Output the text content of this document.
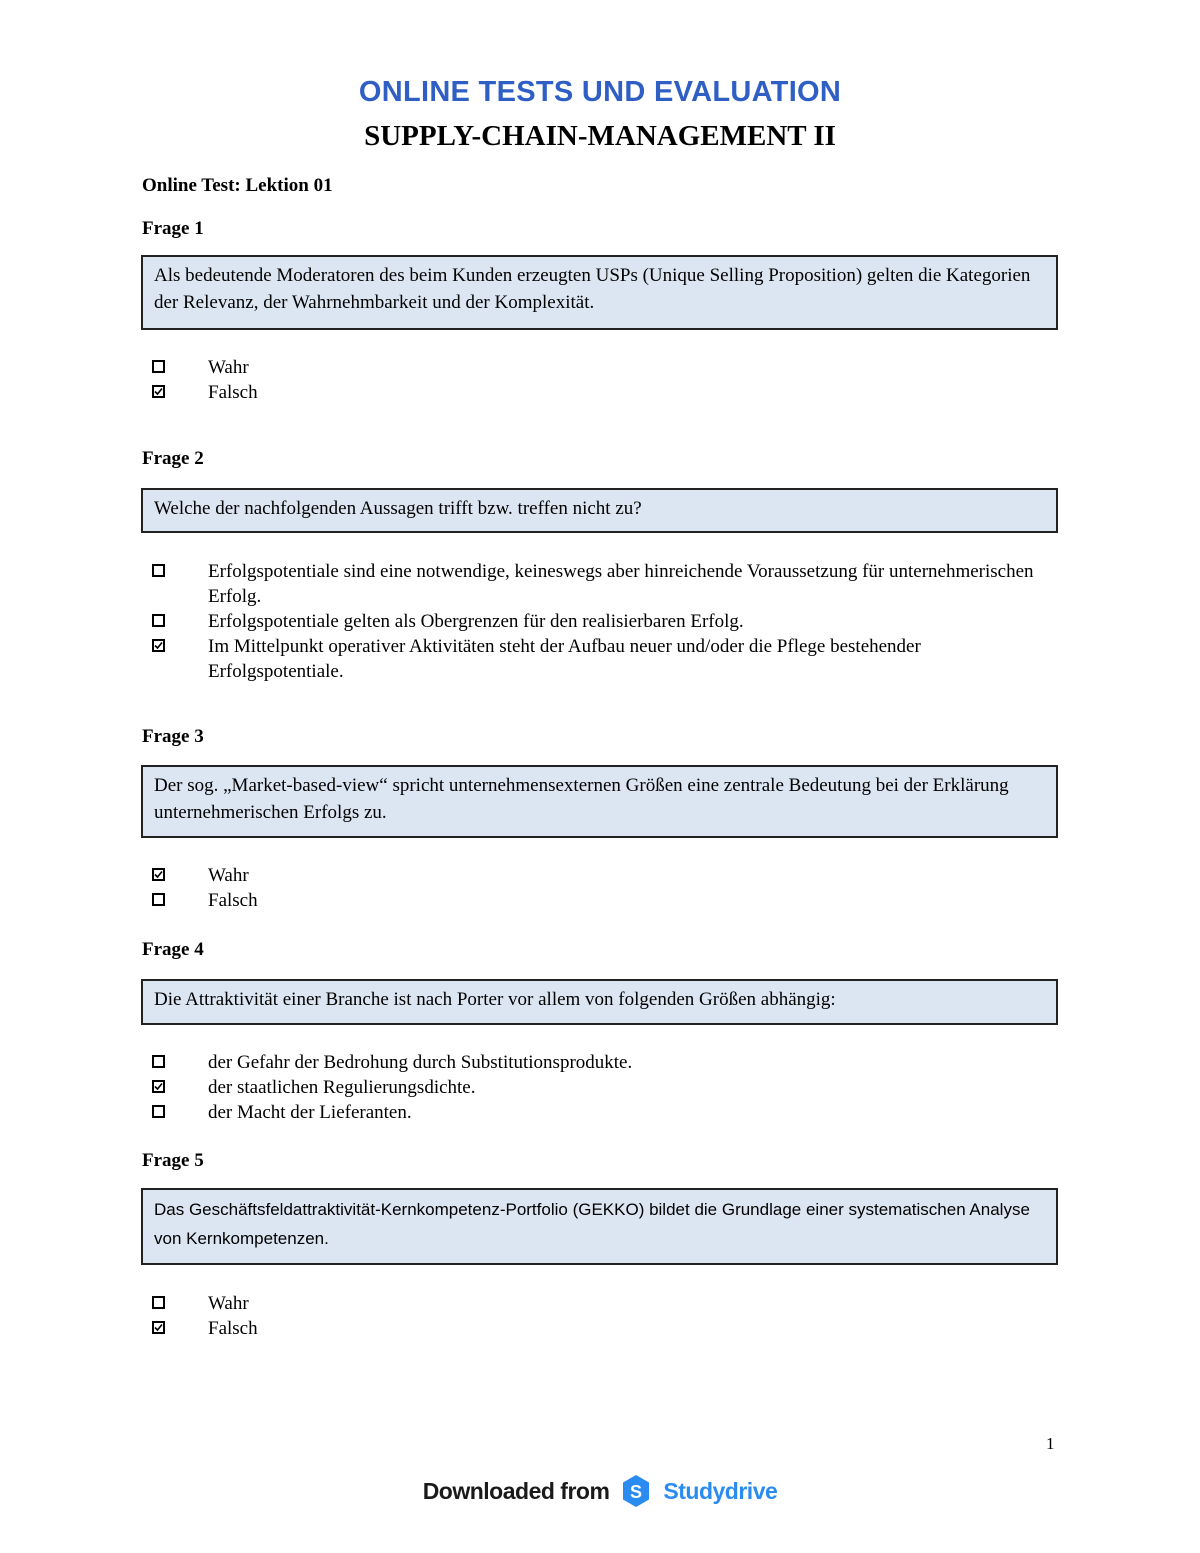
ONLINE TESTS UND EVALUATION
SUPPLY-CHAIN-MANAGEMENT II
Online Test: Lektion 01
Frage 1
Als bedeutende Moderatoren des beim Kunden erzeugten USPs (Unique Selling Proposition) gelten die Kategorien der Relevanz, der Wahrnehmbarkeit und der Komplexität.
Wahr
Falsch
Frage 2
Welche der nachfolgenden Aussagen trifft bzw. treffen nicht zu?
Erfolgspotentiale sind eine notwendige, keineswegs aber hinreichende Voraussetzung für unternehmerischen Erfolg.
Erfolgspotentiale gelten als Obergrenzen für den realisierbaren Erfolg.
Im Mittelpunkt operativer Aktivitäten steht der Aufbau neuer und/oder die Pflege bestehender Erfolgspotentiale.
Frage 3
Der sog. „Market-based-view“ spricht unternehmensexternen Größen eine zentrale Bedeutung bei der Erklärung unternehmerischen Erfolgs zu.
Wahr
Falsch
Frage 4
Die Attraktivität einer Branche ist nach Porter vor allem von folgenden Größen abhängig:
der Gefahr der Bedrohung durch Substitutionsprodukte.
der staatlichen Regulierungsdichte.
der Macht der Lieferanten.
Frage 5
Das Geschäftsfeldattraktivität-Kernkompetenz-Portfolio (GEKKO) bildet die Grundlage einer systematischen Analyse von Kernkompetenzen.
Wahr
Falsch
1
Downloaded from S Studydrive
